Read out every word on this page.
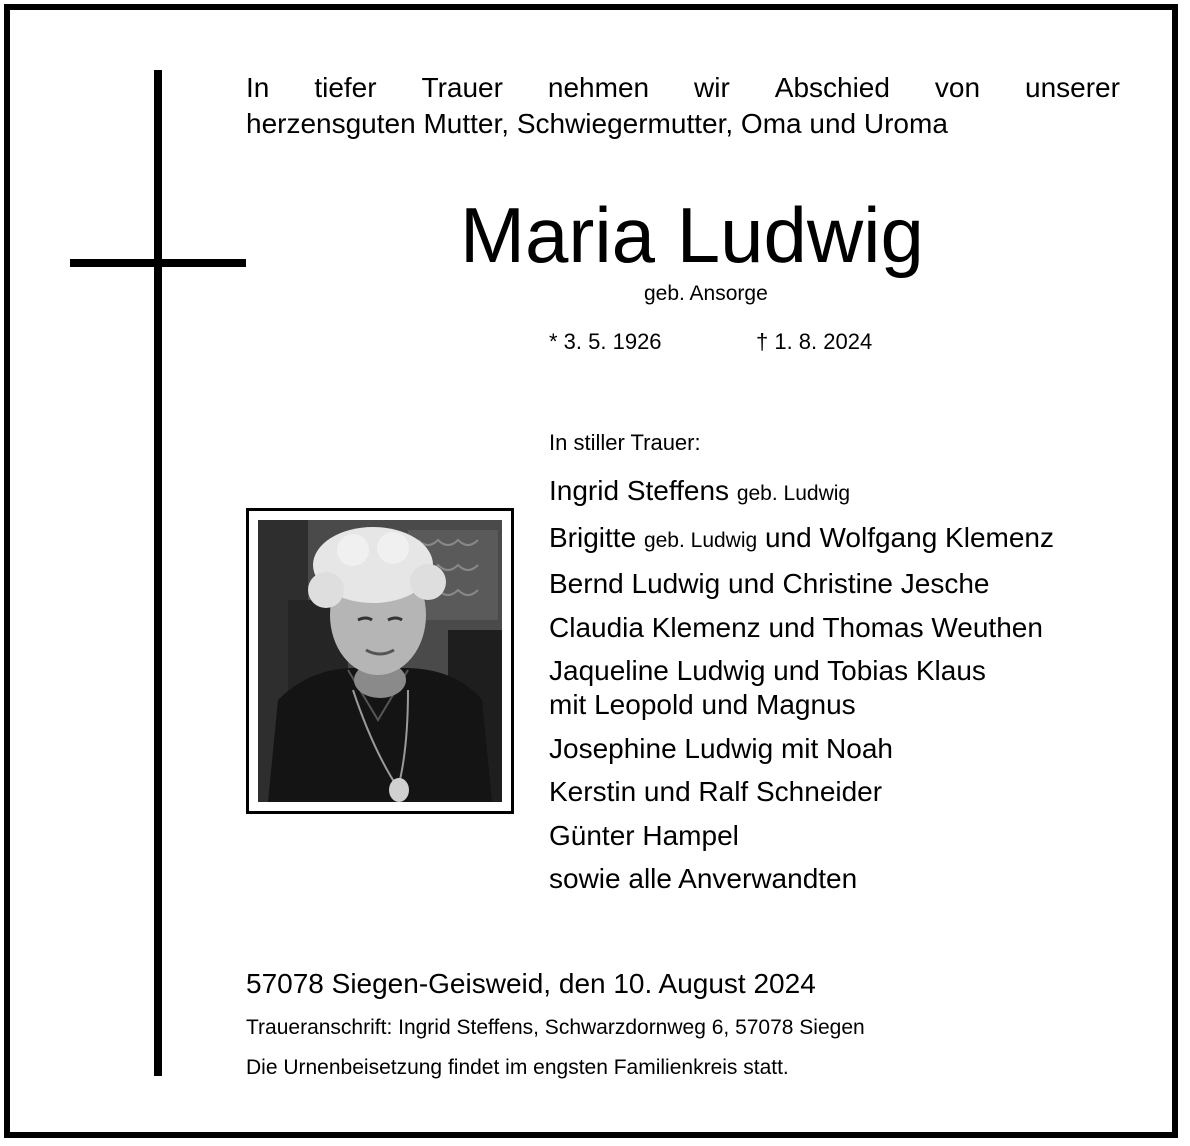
In tiefer Trauer nehmen wir Abschied von unserer
herzensguten Mutter, Schwiegermutter, Oma und Uroma
Maria Ludwig
geb. Ansorge
* 3. 5. 1926	† 1. 8. 2024
In stiller Trauer:
Ingrid Steffens geb. Ludwig
Brigitte geb. Ludwig und Wolfgang Klemenz
Bernd Ludwig und Christine Jesche
Claudia Klemenz und Thomas Weuthen
Jaqueline Ludwig und Tobias Klaus
mit Leopold und Magnus
Josephine Ludwig mit Noah
Kerstin und Ralf Schneider
Günter Hampel
sowie alle Anverwandten
57078 Siegen-Geisweid, den 10. August 2024
Traueranschrift: Ingrid Steffens, Schwarzdornweg 6, 57078 Siegen
Die Urnenbeisetzung findet im engsten Familienkreis statt.
